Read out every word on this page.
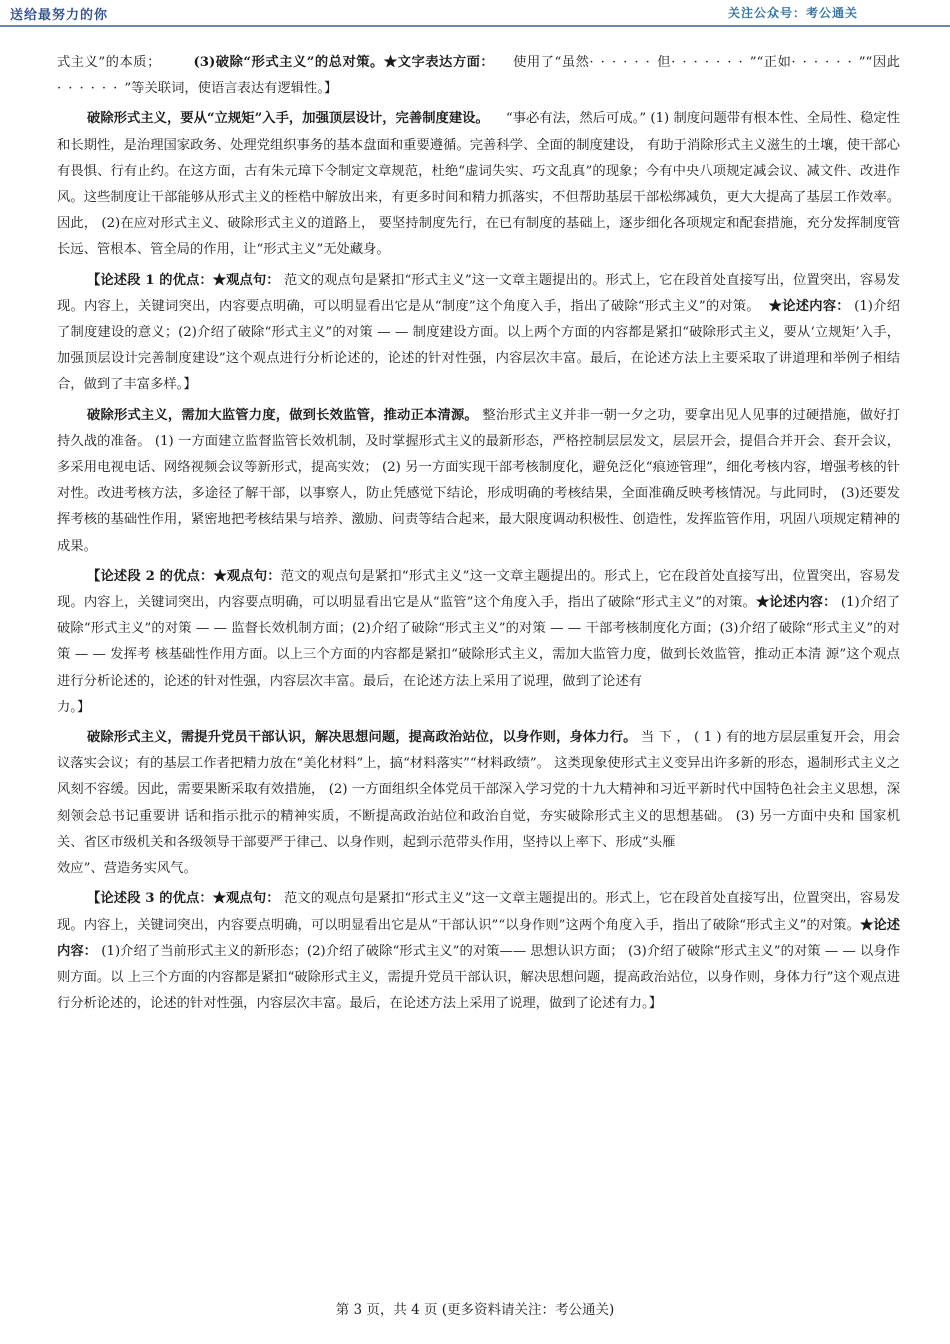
送给最努力的你	关注公众号：考公通关

式主义”的本质； (3)破除“形式主义”的总对策。★文字表达方面： 使用了“虽然······但·······”“正如······”“因此······”等关联词，使语言表达有逻辑性。】

破除形式主义，要从“立规矩”入手，加强顶层设计，完善制度建设。 “事必有法，然后可成。” (1) 制度问题带有根本性、全局性、稳定性和长期性，是治理国家政务、处理党组织事务的基本盘面和重要遵循。完善科学、全面的制度建设， 有助于消除形式主义滋生的土壤，使干部心有畏惧、行有止约。在这方面，古有朱元璋下令制定文章规范，杜绝“虚词失实、巧文乱真”的现象；今有中央八项规定减会议、减文件、改进作风。这些制度让干部能够从形式主义的桎梏中解放出来，有更多时间和精力抓落实，不但帮助基层干部松绑减负，更大大提高了基层工作效率。 因此， (2)在应对形式主义、破除形式主义的道路上， 要坚持制度先行，在已有制度的基础上，逐步细化各项规定和配套措施，充分发挥制度管长远、管根本、管全局的作用，让“形式主义”无处藏身。

【论述段 1 的优点：★观点句： 范文的观点句是紧扣“形式主义”这一文章主题提出的。形式上，它在段首处直接写出，位置突出，容易发现。内容上，关键词突出，内容要点明确，可以明显看出它是从“制度”这个角度入手，指出了破除“形式主义”的对策。 ★论述内容： (1)介绍了制度建设的意义；(2)介绍了破除“形式主义”的对策 — — 制度建设方面。以上两个方面的内容都是紧扣“破除形式主义，要从‘立规矩’入手，加强顶层设计完善制度建设”这个观点进行分析论述的，论述的针对性强，内容层次丰富。最后，在论述方法上主要采取了讲道理和举例子相结合，做到了丰富多样。】

破除形式主义，需加大监管力度，做到长效监管，推动正本清源。 整治形式主义并非一朝一夕之功，要拿出见人见事的过硬措施，做好打持久战的准备。 (1) 一方面建立监督监管长效机制，及时掌握形式主义的最新形态，严格控制层层发文，层层开会，提倡合并开会、套开会议，多采用电视电话、网络视频会议等新形式，提高实效； (2) 另一方面实现干部考核制度化，避免泛化“痕迹管理”，细化考核内容，增强考核的针对性。改进考核方法，多途径了解干部，以事察人，防止凭感觉下结论，形成明确的考核结果，全面准确反映考核情况。与此同时， (3)还要发挥考核的基础性作用，紧密地把考核结果与培养、激励、问责等结合起来，最大限度调动积极性、创造性，发挥监管作用，巩固八项规定精神的成果。

【论述段 2 的优点：★观点句：范文的观点句是紧扣“形式主义”这一文章主题提出的。形式上，它在段首处直接写出，位置突出，容易发现。内容上，关键词突出，内容要点明确，可以明显看出它是从“监管”这个角度入手，指出了破除“形式主义”的对策。★论述内容： (1)介绍了破除“形式主义”的对策 — — 监督长效机制方面；(2)介绍了破除“形式主义”的对策 — — 干部考核制度化方面；(3)介绍了破除“形式主义”的对策 — — 发挥考 核基础性作用方面。以上三个方面的内容都是紧扣“破除形式主义，需加大监管力度，做到长效监管，推动正本清 源”这个观点进行分析论述的，论述的针对性强，内容层次丰富。最后，在论述方法上采用了说理，做到了论述有

力。】

破除形式主义，需提升党员干部认识，解决思想问题，提高政治站位，以身作则，身体力行。 当 下 ， ( 1 ) 有的地方层层重复开会，用会议落实会议；有的基层工作者把精力放在“美化材料”上，搞“材料落实”“材料政绩”。 这类现象使形式主义变异出许多新的形态，遏制形式主义之风刻不容缓。因此，需要果断采取有效措施， (2) 一方面组织全体党员干部深入学习党的十九大精神和习近平新时代中国特色社会主义思想，深刻领会总书记重要讲 话和指示批示的精神实质，不断提高政治站位和政治自觉，夯实破除形式主义的思想基础。 (3) 另一方面中央和 国家机关、省区市级机关和各级领导干部要严于律己、以身作则，起到示范带头作用，坚持以上率下、形成“头雁

效应”、营造务实风气。

【论述段 3 的优点：★观点句： 范文的观点句是紧扣“形式主义”这一文章主题提出的。形式上，它在段首处直接写出，位置突出，容易发现。内容上，关键词突出，内容要点明确，可以明显看出它是从“干部认识”“以身作则”这两个角度入手，指出了破除“形式主义”的对策。★论述内容： (1)介绍了当前形式主义的新形态；(2)介绍了破除“形式主义”的对策—— 思想认识方面； (3)介绍了破除“形式主义”的对策 — — 以身作则方面。以 上三个方面的内容都是紧扣“破除形式主义，需提升党员干部认识，解决思想问题，提高政治站位，以身作则，身体力行”这个观点进行分析论述的，论述的针对性强，内容层次丰富。最后，在论述方法上采用了说理，做到了论述有力。】

第 3 页，共 4 页 (更多资料请关注：考公通关)
